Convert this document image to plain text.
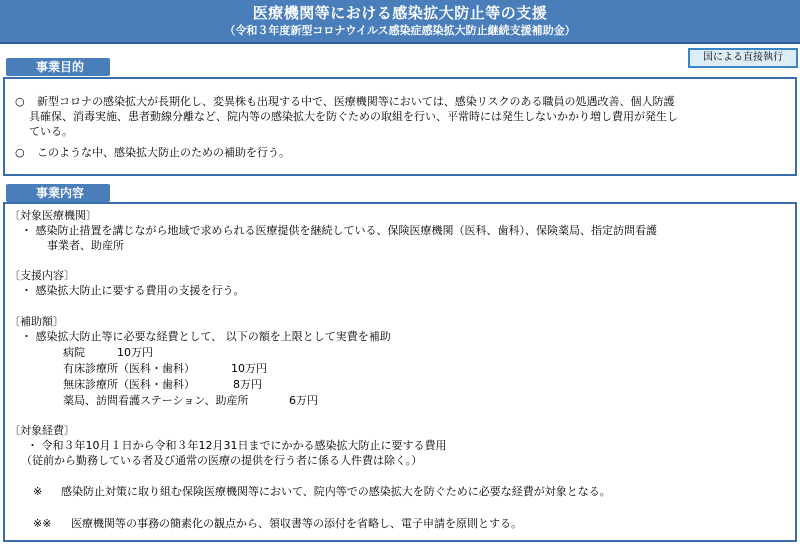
医療機関等における感染拡大防止等の支援
（令和３年度新型コロナウイルス感染症感染拡大防止継続支援補助金）
国による直接執行
事業目的
○ 新型コロナの感染拡大が長期化し、変異株も出現する中で、医療機関等においては、感染リスクのある職員の処遇改善、個人防護
具確保、消毒実施、患者動線分離など、院内等の感染拡大を防ぐための取組を行い、平常時には発生しないかかり増し費用が発生し
ている。
○ このような中、感染拡大防止のための補助を行う。
事業内容
〔対象医療機関〕
・ 感染防止措置を講じながら地域で求められる医療提供を継続している、保険医療機関（医科、歯科）、保険薬局、指定訪問看護
事業者、助産所
〔支援内容〕
・ 感染拡大防止に要する費用の支援を行う。
〔補助額〕
・ 感染拡大防止等に必要な経費として、 以下の額を上限として実費を補助
病院	10万円
有床診療所（医科・歯科）	10万円
無床診療所（医科・歯科）	8万円
薬局、訪問看護ステーション、助産所	6万円
〔対象経費〕
・ 令和３年10月１日から令和３年12月31日までにかかる感染拡大防止に要する費用
（従前から勤務している者及び通常の医療の提供を行う者に係る人件費は除く。）
※ 感染防止対策に取り組む保険医療機関等において、院内等での感染拡大を防ぐために必要な経費が対象となる。
※※ 医療機関等の事務の簡素化の観点から、領収書等の添付を省略し、電子申請を原則とする。
